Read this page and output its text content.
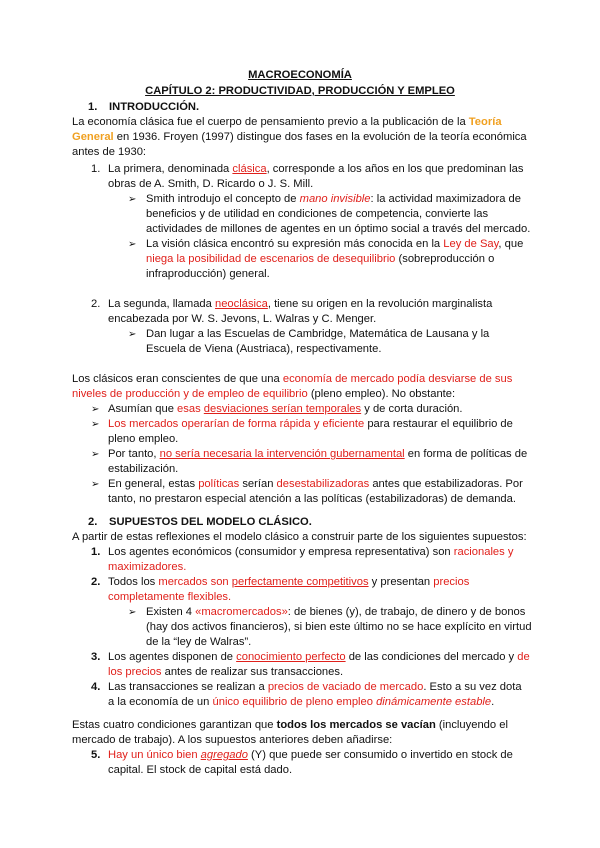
MACROECONOMÍA
CAPÍTULO 2: PRODUCTIVIDAD, PRODUCCIÓN Y EMPLEO
1. INTRODUCCIÓN.
La economía clásica fue el cuerpo de pensamiento previo a la publicación de la Teoría
General en 1936. Froyen (1997) distingue dos fases en la evolución de la teoría económica
antes de 1930:
1. La primera, denominada clásica, corresponde a los años en los que predominan las
obras de A. Smith, D. Ricardo o J. S. Mill.
➢ Smith introdujo el concepto de mano invisible: la actividad maximizadora de
beneficios y de utilidad en condiciones de competencia, convierte las
actividades de millones de agentes en un óptimo social a través del mercado.
➢ La visión clásica encontró su expresión más conocida en la Ley de Say, que
niega la posibilidad de escenarios de desequilibrio (sobreproducción o
infraproducción) general.
2. La segunda, llamada neoclásica, tiene su origen en la revolución marginalista
encabezada por W. S. Jevons, L. Walras y C. Menger.
➢ Dan lugar a las Escuelas de Cambridge, Matemática de Lausana y la
Escuela de Viena (Austriaca), respectivamente.
Los clásicos eran conscientes de que una economía de mercado podía desviarse de sus
niveles de producción y de empleo de equilibrio (pleno empleo). No obstante:
➢ Asumían que esas desviaciones serían temporales y de corta duración.
➢ Los mercados operarían de forma rápida y eficiente para restaurar el equilibrio de
pleno empleo.
➢ Por tanto, no sería necesaria la intervención gubernamental en forma de políticas de
estabilización.
➢ En general, estas políticas serían desestabilizadoras antes que estabilizadoras. Por
tanto, no prestaron especial atención a las políticas (estabilizadoras) de demanda.
2. SUPUESTOS DEL MODELO CLÁSICO.
A partir de estas reflexiones el modelo clásico a construir parte de los siguientes supuestos:
1. Los agentes económicos (consumidor y empresa representativa) son racionales y
maximizadores.
2. Todos los mercados son perfectamente competitivos y presentan precios
completamente flexibles.
➢ Existen 4 «macromercados»: de bienes (y), de trabajo, de dinero y de bonos
(hay dos activos financieros), si bien este último no se hace explícito en virtud
de la “ley de Walras”.
3. Los agentes disponen de conocimiento perfecto de las condiciones del mercado y de
los precios antes de realizar sus transacciones.
4. Las transacciones se realizan a precios de vaciado de mercado. Esto a su vez dota
a la economía de un único equilibrio de pleno empleo dinámicamente estable.
Estas cuatro condiciones garantizan que todos los mercados se vacían (incluyendo el
mercado de trabajo). A los supuestos anteriores deben añadirse:
5. Hay un único bien agregado (Y) que puede ser consumido o invertido en stock de
capital. El stock de capital está dado.
